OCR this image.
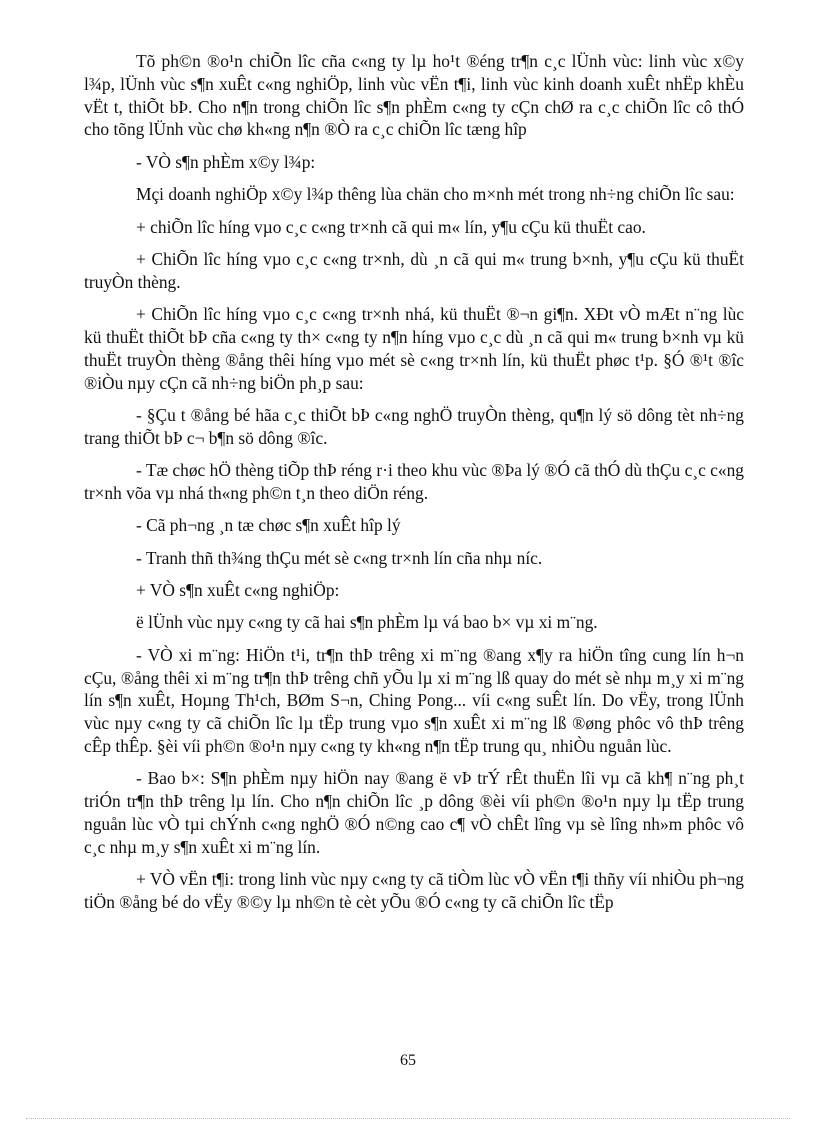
Tõ ph©n ®o¹n chiÕn lîc cña c«ng ty lµ ho¹t ®éng tr¶n c¸c lÜnh vùc: linh vùc x©y l¾p, lÜnh vùc s¶n xuÊt c«ng nghiÖp, linh vùc vËn t¶i, linh vùc kinh doanh xuÊt nhËp khÈu vËt t, thiÕt bÞ. Cho n¶n trong chiÕn lîc s¶n phÈm c«ng ty cÇn chØ ra c¸c chiÕn lîc cô thÓ cho tõng lÜnh vùc chø kh«ng n¶n ®Ò ra c¸c chiÕn lîc tæng hîp

- VÒ s¶n phÈm x©y l¾p:

Mçi doanh nghiÖp x©y l¾p thêng lùa chän cho m×nh mét trong nh÷ng chiÕn lîc sau:

+ chiÕn lîc híng vµo c¸c c«ng tr×nh cã qui m« lín, y¶u cÇu kü thuËt cao.

+ ChiÕn lîc híng vµo c¸c c«ng tr×nh, dù ¸n cã qui m« trung b×nh, y¶u cÇu kü thuËt truyÒn thèng.

+ ChiÕn lîc híng vµo c¸c c«ng tr×nh nhá, kü thuËt ®¬n gi¶n. XÐt vÒ mÆt n¨ng lùc kü thuËt thiÕt bÞ cña c«ng ty th× c«ng ty n¶n híng vµo c¸c dù ¸n cã qui m« trung b×nh vµ kü thuËt truyÒn thèng ®ång thêi híng vµo mét sè c«ng tr×nh lín, kü thuËt phøc t¹p. §Ó ®¹t ®îc ®iÒu nµy cÇn cã nh÷ng biÖn ph¸p sau:

- §Çu t ®ång bé hãa c¸c thiÕt bÞ c«ng nghÖ truyÒn thèng, qu¶n lý sö dông tèt nh÷ng trang thiÕt bÞ c¬ b¶n sö dông ®îc.

- Tæ chøc hÖ thèng tiÕp thÞ réng r·i theo khu vùc ®Þa lý ®Ó cã thÓ dù thÇu c¸c c«ng tr×nh võa vµ nhá th«ng ph©n t¸n theo diÖn réng.

- Cã ph¬ng ¸n tæ chøc s¶n xuÊt hîp lý

- Tranh thñ th¾ng thÇu mét sè c«ng tr×nh lín cña nhµ níc.

+ VÒ s¶n xuÊt c«ng nghiÖp:

ë lÜnh vùc nµy c«ng ty cã hai s¶n phÈm lµ vá bao b× vµ xi m¨ng.

- VÒ xi m¨ng: HiÖn t¹i, tr¶n thÞ trêng xi m¨ng ®ang x¶y ra hiÖn tîng cung lín h¬n cÇu, ®ång thêi xi m¨ng tr¶n thÞ trêng chñ yÕu lµ xi m¨ng lß quay do mét sè nhµ m¸y xi m¨ng lín s¶n xuÊt, Hoµng Th¹ch, BØm S¬n, Ching Pong... víi c«ng suÊt lín. Do vËy, trong lÜnh vùc nµy c«ng ty cã chiÕn lîc lµ tËp trung vµo s¶n xuÊt xi m¨ng lß ®øng phôc vô thÞ trêng cÊp thÊp. §èi víi ph©n ®o¹n nµy c«ng ty kh«ng n¶n tËp trung qu¸ nhiÒu nguån lùc.

- Bao b×: S¶n phÈm nµy hiÖn nay ®ang ë vÞ trÝ rÊt thuËn lîi vµ cã kh¶ n¨ng ph¸t triÓn tr¶n thÞ trêng lµ lín. Cho n¶n chiÕn lîc ¸p dông ®èi víi ph©n ®o¹n nµy lµ tËp trung nguån lùc vÒ tµi chÝnh c«ng nghÖ ®Ó n©ng cao c¶ vÒ chÊt lîng vµ sè lîng nh»m phôc vô c¸c nhµ m¸y s¶n xuÊt xi m¨ng lín.

+ VÒ vËn t¶i: trong linh vùc nµy c«ng ty cã tiÒm lùc vÒ vËn t¶i thñy víi nhiÒu ph¬ng tiÖn ®ång bé do vËy ®©y lµ nh©n tè cèt yÕu ®Ó c«ng ty cã chiÕn lîc tËp

65
